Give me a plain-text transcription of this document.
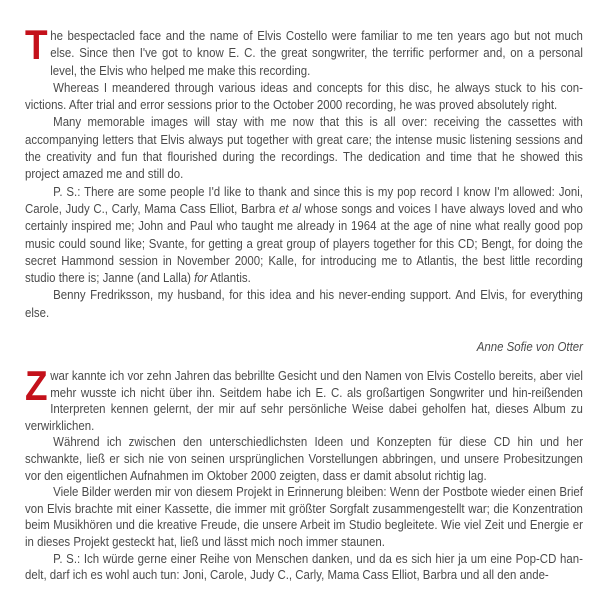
The bespectacled face and the name of Elvis Costello were familiar to me ten years ago but not much else. Since then I've got to know E. C. the great songwriter, the terrific performer and, on a personal level, the Elvis who helped me make this recording.

Whereas I meandered through various ideas and concepts for this disc, he always stuck to his con-victions. After trial and error sessions prior to the October 2000 recording, he was proved absolutely right.

Many memorable images will stay with me now that this is all over: receiving the cassettes with accompanying letters that Elvis always put together with great care; the intense music listening sessions and the creativity and fun that flourished during the recordings. The dedication and time that he showed this project amazed me and still do.

P. S.: There are some people I'd like to thank and since this is my pop record I know I'm allowed: Joni, Carole, Judy C., Carly, Mama Cass Elliot, Barbra et al whose songs and voices I have always loved and who certainly inspired me; John and Paul who taught me already in 1964 at the age of nine what really good pop music could sound like; Svante, for getting a great group of players together for this CD; Bengt, for doing the secret Hammond session in November 2000; Kalle, for introducing me to Atlantis, the best little recording studio there is; Janne (and Lalla) for Atlantis.

Benny Fredriksson, my husband, for this idea and his never-ending support. And Elvis, for everything else.

Anne Sofie von Otter

Zwar kannte ich vor zehn Jahren das bebrillte Gesicht und den Namen von Elvis Costello bereits, aber viel mehr wusste ich nicht über ihn. Seitdem habe ich E. C. als großartigen Songwriter und hin-reißenden Interpreten kennen gelernt, der mir auf sehr persönliche Weise dabei geholfen hat, dieses Album zu verwirklichen.

Während ich zwischen den unterschiedlichsten Ideen und Konzepten für diese CD hin und her schwankte, ließ er sich nie von seinen ursprünglichen Vorstellungen abbringen, und unsere Probesitzungen vor den eigentlichen Aufnahmen im Oktober 2000 zeigten, dass er damit absolut richtig lag.

Viele Bilder werden mir von diesem Projekt in Erinnerung bleiben: Wenn der Postbote wieder einen Brief von Elvis brachte mit einer Kassette, die immer mit größter Sorgfalt zusammengestellt war; die Konzentration beim Musikhören und die kreative Freude, die unsere Arbeit im Studio begleitete. Wie viel Zeit und Energie er in dieses Projekt gesteckt hat, ließ und lässt mich noch immer staunen.

P. S.: Ich würde gerne einer Reihe von Menschen danken, und da es sich hier ja um eine Pop-CD han-delt, darf ich es wohl auch tun: Joni, Carole, Judy C., Carly, Mama Cass Elliot, Barbra und all den ande-
